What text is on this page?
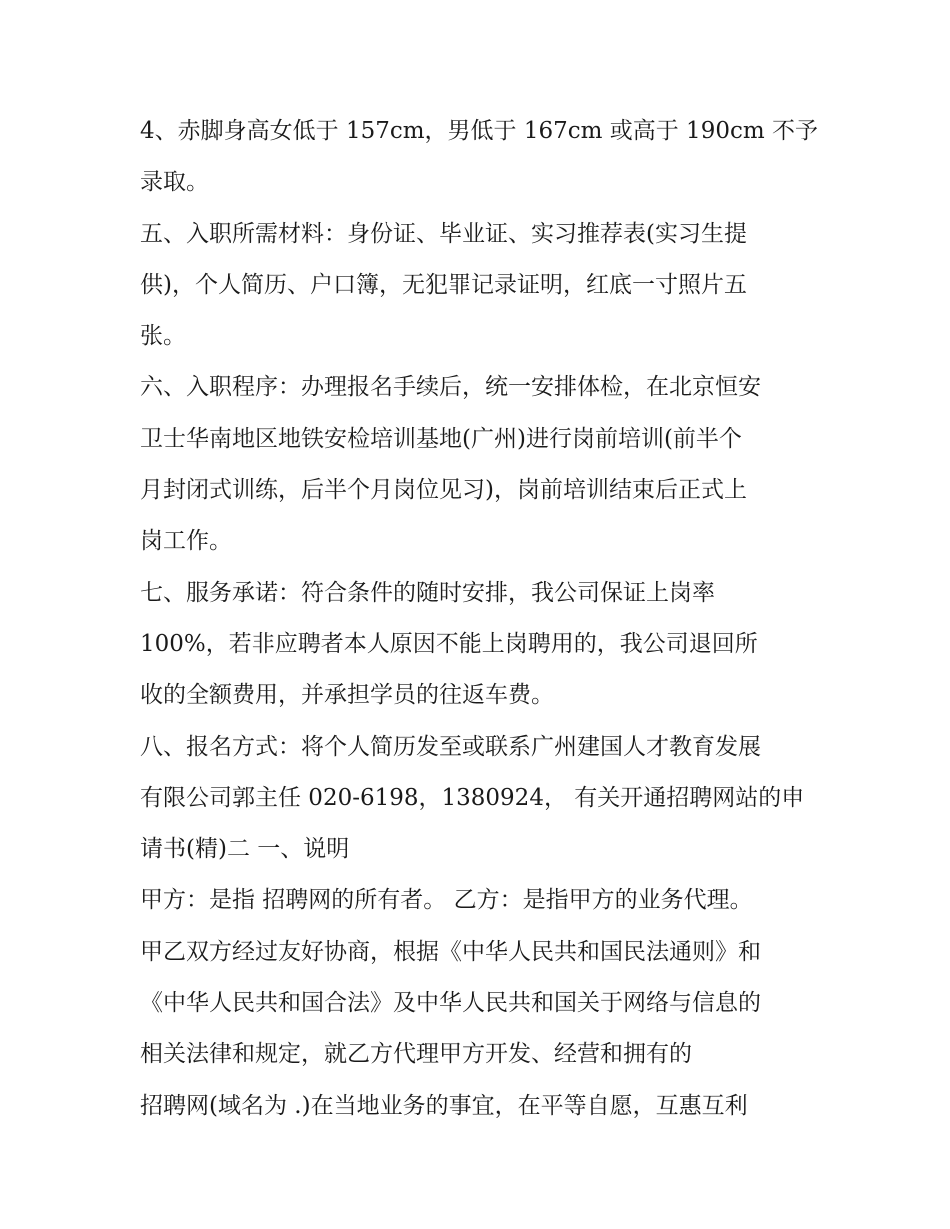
4、赤脚身高女低于 157cm，男低于 167cm 或高于 190cm 不予
录取。
五、入职所需材料：身份证、毕业证、实习推荐表(实习生提
供)，个人简历、户口簿，无犯罪记录证明，红底一寸照片五
张。
六、入职程序：办理报名手续后，统一安排体检，在北京恒安
卫士华南地区地铁安检培训基地(广州)进行岗前培训(前半个
月封闭式训练，后半个月岗位见习)，岗前培训结束后正式上
岗工作。
七、服务承诺：符合条件的随时安排，我公司保证上岗率
100%，若非应聘者本人原因不能上岗聘用的，我公司退回所
收的全额费用，并承担学员的往返车费。
八、报名方式：将个人简历发至或联系广州建国人才教育发展
有限公司郭主任 020-6198，1380924， 有关开通招聘网站的申
请书(精)二 一、说明
甲方：是指 招聘网的所有者。 乙方：是指甲方的业务代理。
甲乙双方经过友好协商，根据《中华人民共和国民法通则》和
《中华人民共和国合法》及中华人民共和国关于网络与信息的
相关法律和规定，就乙方代理甲方开发、经营和拥有的
招聘网(域名为 .)在当地业务的事宜，在平等自愿，互惠互利
